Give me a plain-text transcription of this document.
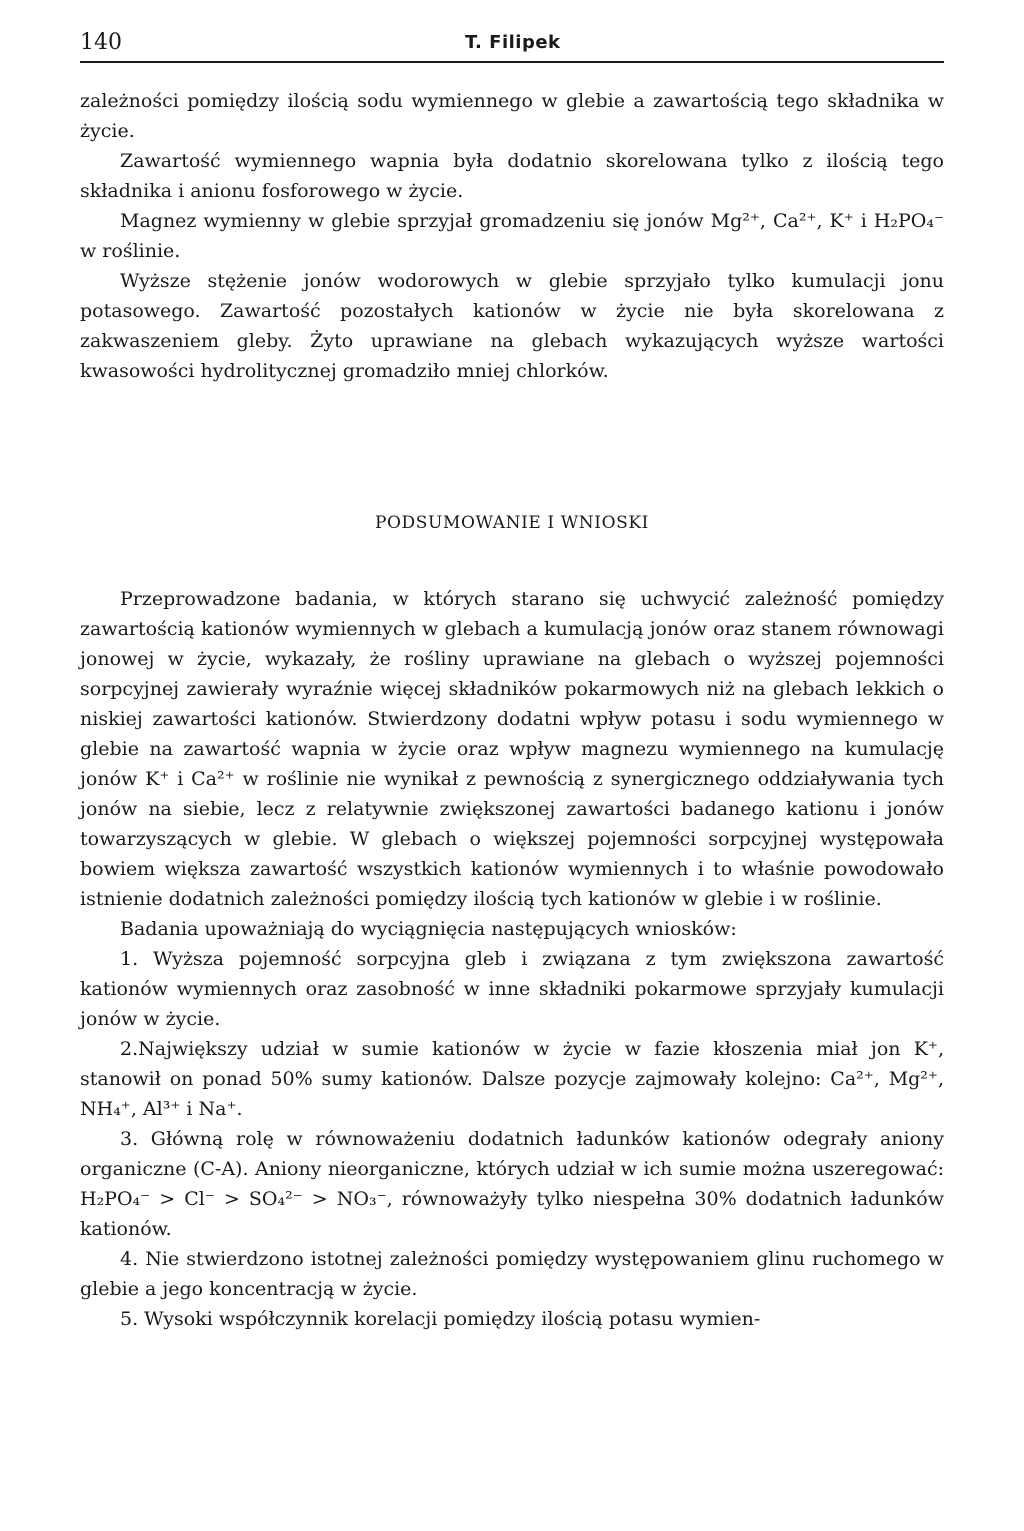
140	T. Filipek

zależności pomiędzy ilością sodu wymiennego w glebie a zawartością tego składnika w życie.

Zawartość wymiennego wapnia była dodatnio skorelowana tylko z ilością tego składnika i anionu fosforowego w życie.

Magnez wymienny w glebie sprzyjał gromadzeniu się jonów Mg²⁺, Ca²⁺, K⁺ i H₂PO₄⁻ w roślinie.

Wyższe stężenie jonów wodorowych w glebie sprzyjało tylko kumulacji jonu potasowego. Zawartość pozostałych kationów w życie nie była skorelowana z zakwaszeniem gleby. Żyto uprawiane na glebach wykazujących wyższe wartości kwasowości hydrolitycznej gromadziło mniej chlorków.

PODSUMOWANIE I WNIOSKI

Przeprowadzone badania, w których starano się uchwycić zależność pomiędzy zawartością kationów wymiennych w glebach a kumulacją jonów oraz stanem równowagi jonowej w życie, wykazały, że rośliny uprawiane na glebach o wyższej pojemności sorpcyjnej zawierały wyraźnie więcej składników pokarmowych niż na glebach lekkich o niskiej zawartości kationów. Stwierdzony dodatni wpływ potasu i sodu wymiennego w glebie na zawartość wapnia w życie oraz wpływ magnezu wymiennego na kumulację jonów K⁺ i Ca²⁺ w roślinie nie wynikał z pewnością z synergicznego oddziaływania tych jonów na siebie, lecz z relatywnie zwiększonej zawartości badanego kationu i jonów towarzyszących w glebie. W glebach o większej pojemności sorpcyjnej występowała bowiem większa zawartość wszystkich kationów wymiennych i to właśnie powodowało istnienie dodatnich zależności pomiędzy ilością tych kationów w glebie i w roślinie.

Badania upoważniają do wyciągnięcia następujących wniosków:

1. Wyższa pojemność sorpcyjna gleb i związana z tym zwiększona zawartość kationów wymiennych oraz zasobność w inne składniki pokarmowe sprzyjały kumulacji jonów w życie.

2.Największy udział w sumie kationów w życie w fazie kłoszenia miał jon K⁺, stanowił on ponad 50% sumy kationów. Dalsze pozycje zajmowały kolejno: Ca²⁺, Mg²⁺, NH₄⁺, Al³⁺ i Na⁺.

3. Główną rolę w równoważeniu dodatnich ładunków kationów odegrały aniony organiczne (C-A). Aniony nieorganiczne, których udział w ich sumie można uszeregować: H₂PO₄⁻ > Cl⁻ > SO₄²⁻ > NO₃⁻, równoważyły tylko niespełna 30% dodatnich ładunków kationów.

4. Nie stwierdzono istotnej zależności pomiędzy występowaniem glinu ruchomego w glebie a jego koncentracją w życie.

5. Wysoki współczynnik korelacji pomiędzy ilością potasu wymien-
